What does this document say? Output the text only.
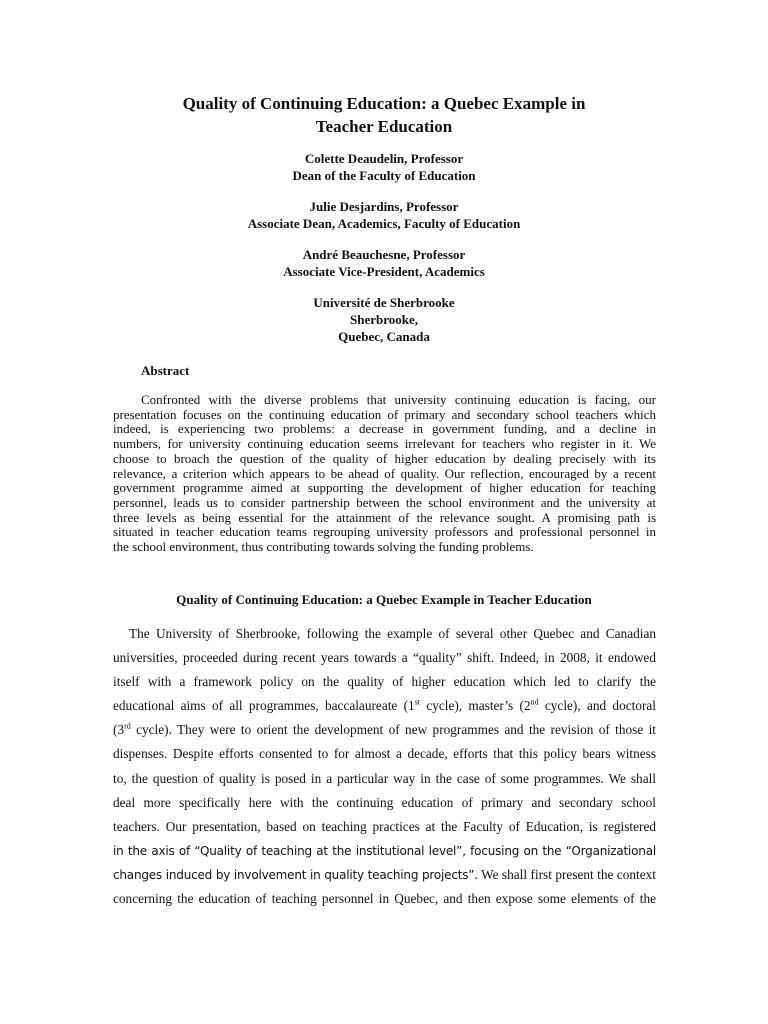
Quality of Continuing Education: a Quebec Example in
Teacher Education
Colette Deaudelin, Professor
Dean of the Faculty of Education
Julie Desjardins, Professor
Associate Dean, Academics, Faculty of Education
André Beauchesne, Professor
Associate Vice-President, Academics
Université de Sherbrooke
Sherbrooke,
Quebec, Canada
Abstract
Confronted with the diverse problems that university continuing education is facing, our
presentation focuses on the continuing education of primary and secondary school teachers which
indeed, is experiencing two problems: a decrease in government funding, and a decline in
numbers, for university continuing education seems irrelevant for teachers who register in it. We
choose to broach the question of the quality of higher education by dealing precisely with its
relevance, a criterion which appears to be ahead of quality. Our reflection, encouraged by a recent
government programme aimed at supporting the development of higher education for teaching
personnel, leads us to consider partnership between the school environment and the university at
three levels as being essential for the attainment of the relevance sought. A promising path is
situated in teacher education teams regrouping university professors and professional personnel in
the school environment, thus contributing towards solving the funding problems.
Quality of Continuing Education: a Quebec Example in Teacher Education
The University of Sherbrooke, following the example of several other Quebec and Canadian
universities, proceeded during recent years towards a “quality” shift. Indeed, in 2008, it endowed
itself with a framework policy on the quality of higher education which led to clarify the
educational aims of all programmes, baccalaureate (1st cycle), master’s (2nd cycle), and doctoral
(3rd cycle). They were to orient the development of new programmes and the revision of those it
dispenses. Despite efforts consented to for almost a decade, efforts that this policy bears witness
to, the question of quality is posed in a particular way in the case of some programmes. We shall
deal more specifically here with the continuing education of primary and secondary school
teachers. Our presentation, based on teaching practices at the Faculty of Education, is registered
in the axis of “Quality of teaching at the institutional level”, focusing on the “Organizational
changes induced by involvement in quality teaching projects”. We shall first present the context
concerning the education of teaching personnel in Quebec, and then expose some elements of the
